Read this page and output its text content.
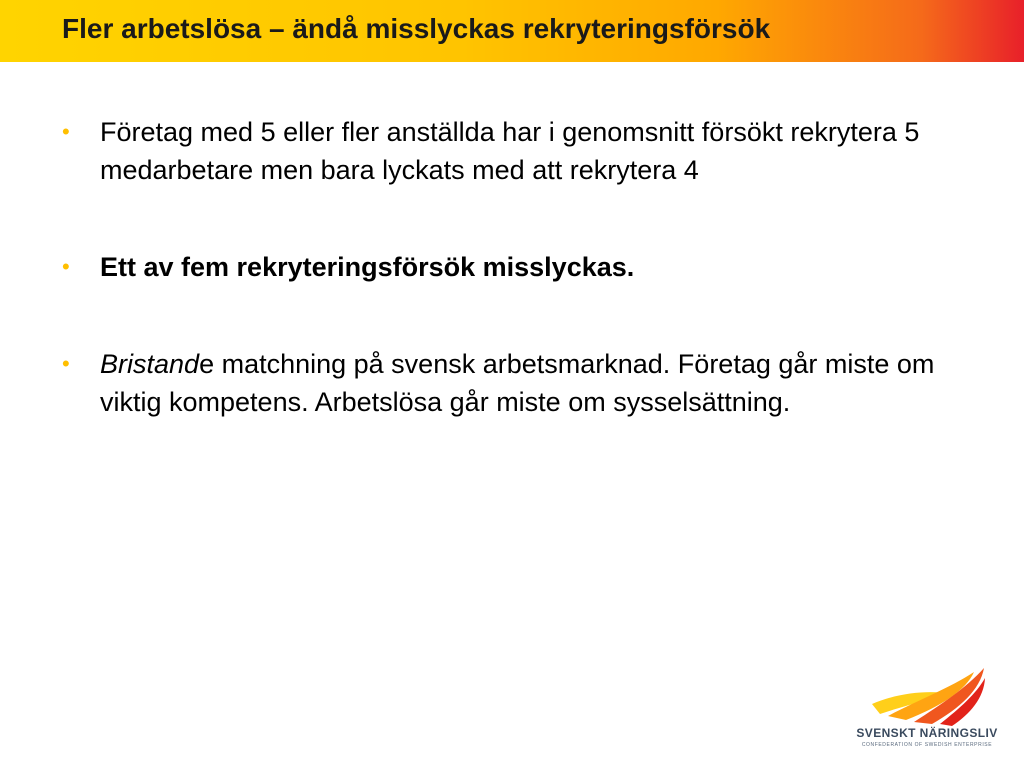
Fler arbetslösa – ändå misslyckas rekryteringsförsök
• Företag med 5 eller fler anställda har i genomsnitt försökt rekrytera 5 medarbetare men bara lyckats med att rekrytera 4
• Ett av fem rekryteringsförsök misslyckas.
• Bristande matchning på svensk arbetsmarknad. Företag går miste om viktig kompetens. Arbetslösa går miste om sysselsättning.
SVENSKT NÄRINGSLIV
CONFEDERATION OF SWEDISH ENTERPRISE
